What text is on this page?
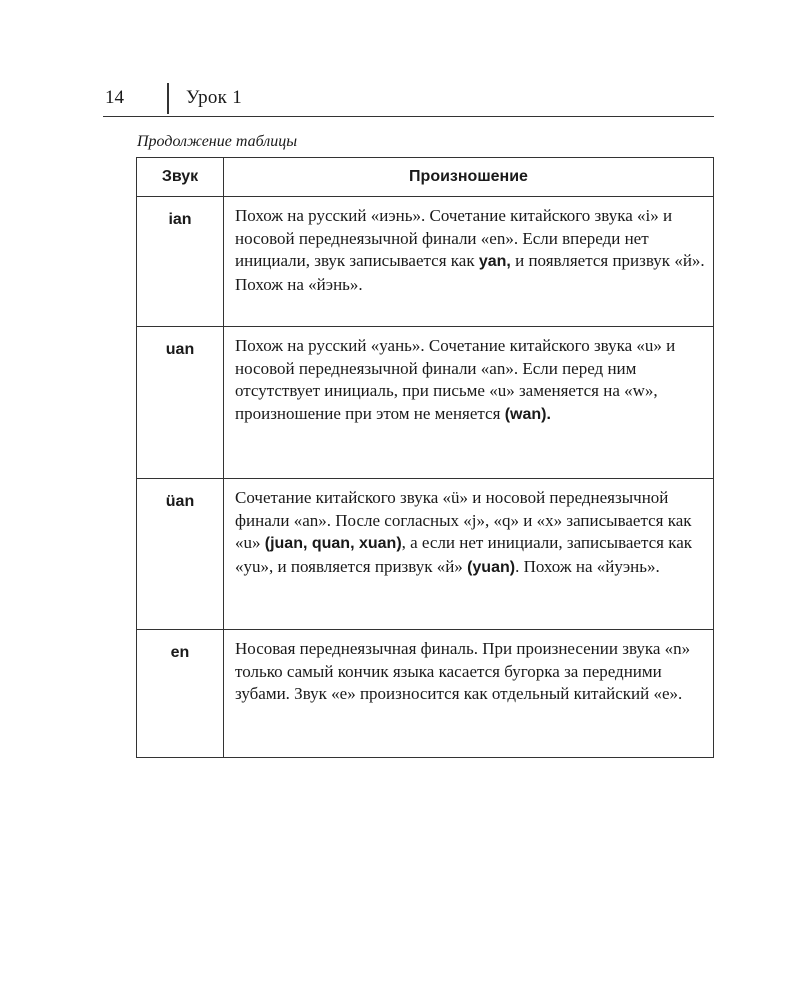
14	Урок 1
Продолжение таблицы
Звук	Произношение
ian	Похож на русский «иэнь». Сочетание китайского звука «i» и носовой переднеязычной финали «en». Если впереди нет инициали, звук записывается как yan, и появляется призвук «й». Похож на «йэнь».
uan	Похож на русский «уань». Сочетание китайского звука «u» и носовой переднеязычной финали «an». Если перед ним отсутствует инициаль, при письме «u» заменяется на «w», произношение при этом не меняется (wan).
üan	Сочетание китайского звука «ü» и носовой переднеязычной финали «an». После согласных «j», «q» и «x» записывается как «u» (juan, quan, xuan), а если нет инициали, записывается как «yu», и появляется призвук «й» (yuan). Похож на «йуэнь».
en	Носовая переднеязычная финаль. При произнесении звука «n» только самый кончик языка касается бугорка за передними зубами. Звук «e» произносится как отдельный китайский «e».
